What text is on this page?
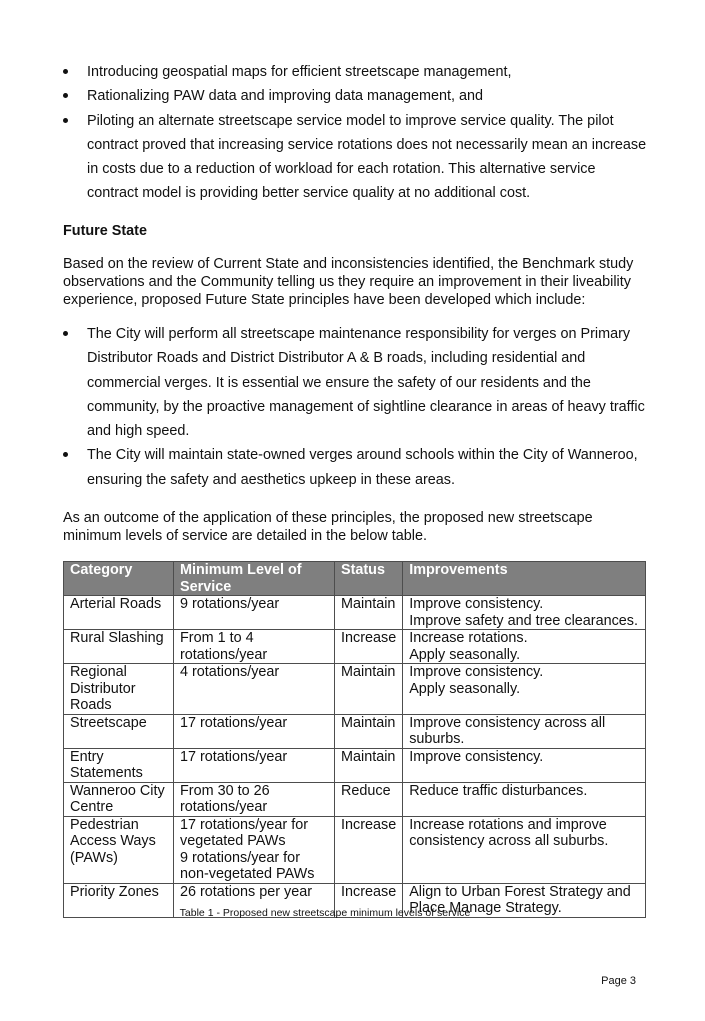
Introducing geospatial maps for efficient streetscape management,
Rationalizing PAW data and improving data management, and
Piloting an alternate streetscape service model to improve service quality. The pilot contract proved that increasing service rotations does not necessarily mean an increase in costs due to a reduction of workload for each rotation. This alternative service contract model is providing better service quality at no additional cost.
Future State

Based on the review of Current State and inconsistencies identified, the Benchmark study observations and the Community telling us they require an improvement in their liveability experience, proposed Future State principles have been developed which include:

The City will perform all streetscape maintenance responsibility for verges on Primary Distributor Roads and District Distributor A & B roads, including residential and commercial verges. It is essential we ensure the safety of our residents and the community, by the proactive management of sightline clearance in areas of heavy traffic and high speed.
The City will maintain state-owned verges around schools within the City of Wanneroo, ensuring the safety and aesthetics upkeep in these areas.

As an outcome of the application of these principles, the proposed new streetscape minimum levels of service are detailed in the below table.

Category	Minimum Level of Service	Status	Improvements
Arterial Roads	9 rotations/year	Maintain	Improve consistency.
Improve safety and tree clearances.
Rural Slashing	From 1 to 4
rotations/year	Increase	Increase rotations.
Apply seasonally.
Regional
Distributor
Roads	4 rotations/year	Maintain	Improve consistency.
Apply seasonally.
Streetscape	17 rotations/year	Maintain	Improve consistency across all
suburbs.
Entry
Statements	17 rotations/year	Maintain	Improve consistency.
Wanneroo City
Centre	From 30 to 26
rotations/year	Reduce	Reduce traffic disturbances.
Pedestrian
Access Ways
(PAWs)	17 rotations/year for
vegetated PAWs
9 rotations/year for
non-vegetated PAWs	Increase	Increase rotations and improve
consistency across all suburbs.
Priority Zones	26 rotations per year	Increase	Align to Urban Forest Strategy and
Place Manage Strategy.
Table 1 - Proposed new streetscape minimum levels of service
Page 3
